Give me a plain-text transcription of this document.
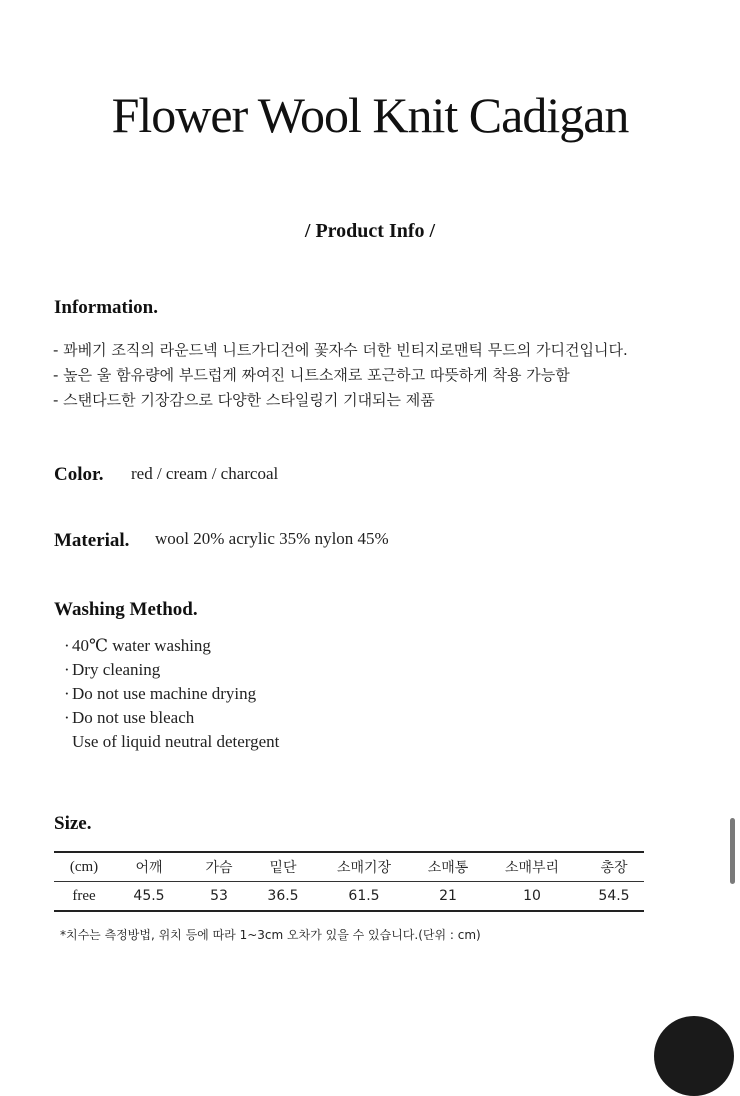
Flower Wool Knit Cadigan
/ Product Info /
Information.
- 꽈베기 조직의 라운드넥 니트가디건에 꽃자수 더한 빈티지로맨틱 무드의 가디건입니다.
- 높은 울 함유량에 부드럽게 짜여진 니트소재로 포근하고 따뜻하게 착용 가능함
- 스탠다드한 기장감으로 다양한 스타일링기 기대되는 제품
Color. red / cream / charcoal
Material. wool 20% acrylic 35% nylon 45%
Washing Method.
· 40℃ water washing
· Dry cleaning
· Do not use machine drying
· Do not use bleach
Use of liquid neutral detergent
Size.
(cm)	어깨	가슴	밑단	소매기장	소매통	소매부리	총장
free	45.5	53	36.5	61.5	21	10	54.5
*치수는 측정방법, 위치 등에 따라 1~3cm 오차가 있을 수 있습니다.(단위 : cm)
